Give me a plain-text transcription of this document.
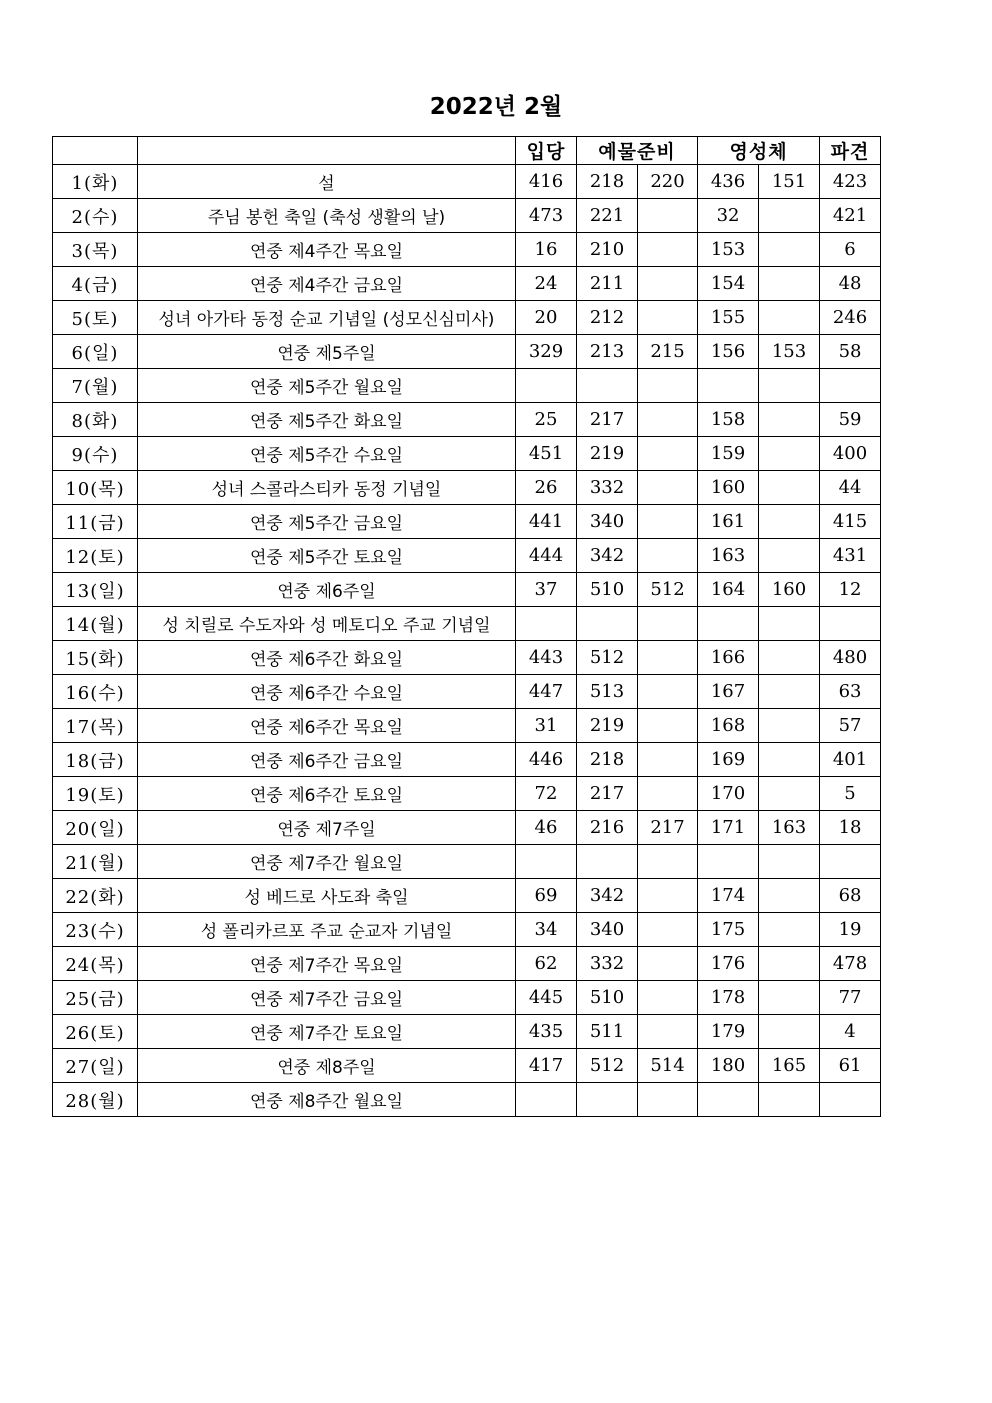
2022년 2월
		입당	예물준비		영성체		파견
1(화)	설	416	218	220	436	151	423
2(수)	주님 봉헌 축일 (축성 생활의 날)	473	221		32		421
3(목)	연중 제4주간 목요일	16	210		153		6
4(금)	연중 제4주간 금요일	24	211		154		48
5(토)	성녀 아가타 동정 순교 기념일 (성모신심미사)	20	212		155		246
6(일)	연중 제5주일	329	213	215	156	153	58
7(월)	연중 제5주간 월요일						
8(화)	연중 제5주간 화요일	25	217		158		59
9(수)	연중 제5주간 수요일	451	219		159		400
10(목)	성녀 스콜라스티카 동정 기념일	26	332		160		44
11(금)	연중 제5주간 금요일	441	340		161		415
12(토)	연중 제5주간 토요일	444	342		163		431
13(일)	연중 제6주일	37	510	512	164	160	12
14(월)	성 치릴로 수도자와 성 메토디오 주교 기념일						
15(화)	연중 제6주간 화요일	443	512		166		480
16(수)	연중 제6주간 수요일	447	513		167		63
17(목)	연중 제6주간 목요일	31	219		168		57
18(금)	연중 제6주간 금요일	446	218		169		401
19(토)	연중 제6주간 토요일	72	217		170		5
20(일)	연중 제7주일	46	216	217	171	163	18
21(월)	연중 제7주간 월요일						
22(화)	성 베드로 사도좌 축일	69	342		174		68
23(수)	성 폴리카르포 주교 순교자 기념일	34	340		175		19
24(목)	연중 제7주간 목요일	62	332		176		478
25(금)	연중 제7주간 금요일	445	510		178		77
26(토)	연중 제7주간 토요일	435	511		179		4
27(일)	연중 제8주일	417	512	514	180	165	61
28(월)	연중 제8주간 월요일						
